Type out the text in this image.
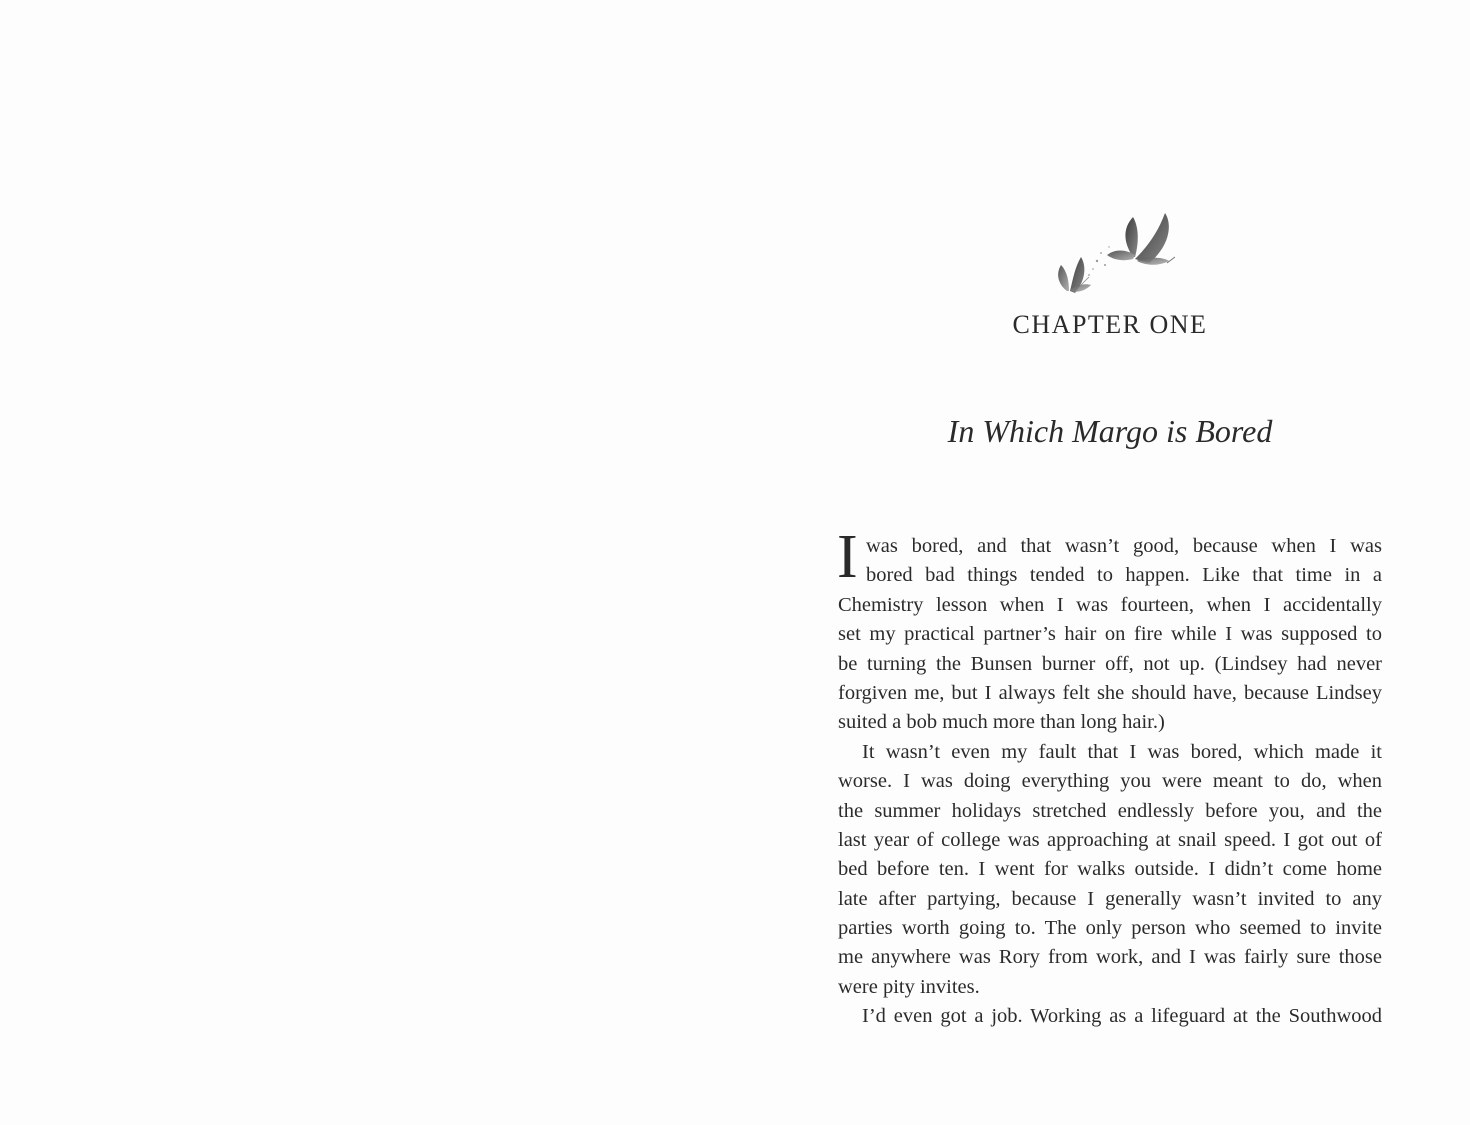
CHAPTER ONE
In Which Margo is Bored
I was bored, and that wasn’t good, because when I was
bored bad things tended to happen. Like that time in a
Chemistry lesson when I was fourteen, when I accidentally
set my practical partner’s hair on fire while I was supposed to
be turning the Bunsen burner off, not up. (Lindsey had never
forgiven me, but I always felt she should have, because Lindsey
suited a bob much more than long hair.)
It wasn’t even my fault that I was bored, which made it
worse. I was doing everything you were meant to do, when
the summer holidays stretched endlessly before you, and the
last year of college was approaching at snail speed. I got out of
bed before ten. I went for walks outside. I didn’t come home
late after partying, because I generally wasn’t invited to any
parties worth going to. The only person who seemed to invite
me anywhere was Rory from work, and I was fairly sure those
were pity invites.
I’d even got a job. Working as a lifeguard at the Southwood
